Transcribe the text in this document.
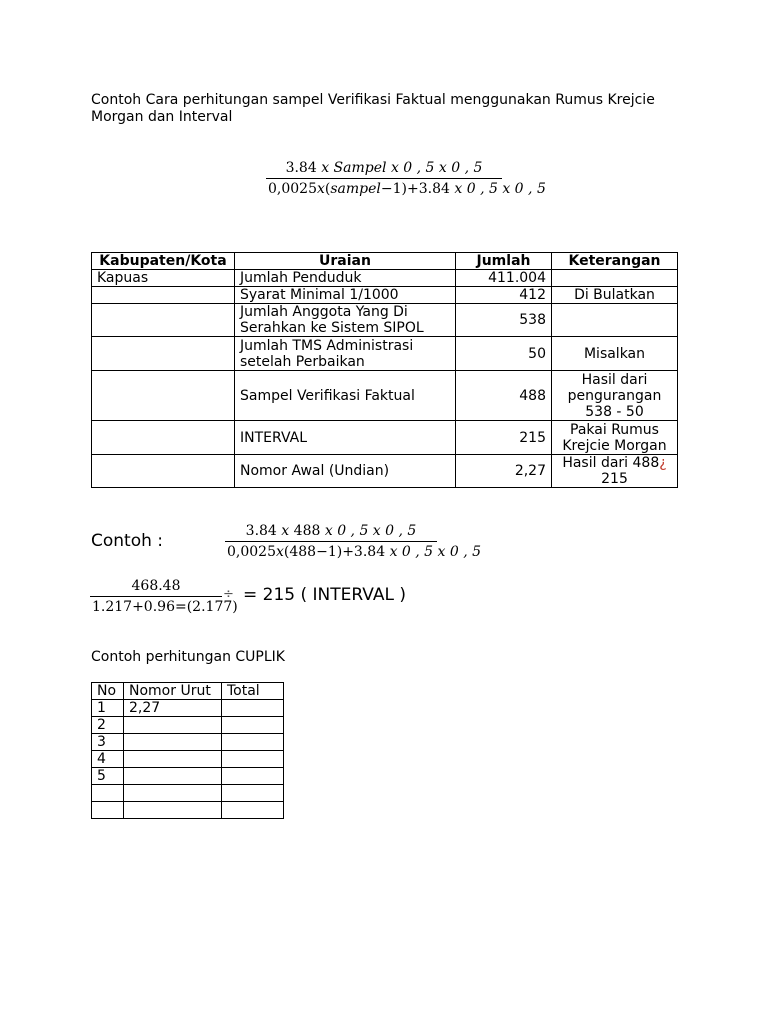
Contoh Cara perhitungan sampel Verifikasi Faktual menggunakan Rumus Krejcie Morgan dan Interval
3.84 x Sampel x 0 , 5 x 0 , 5
0,0025x(sampel−1)+3.84 x 0 , 5 x 0 , 5
Kabupaten/Kota	Uraian	Jumlah	Keterangan
Kapuas	Jumlah Penduduk	411.004	
	Syarat Minimal 1/1000	412	Di Bulatkan
	Jumlah Anggota Yang Di Serahkan ke Sistem SIPOL	538	
	Jumlah TMS Administrasi setelah Perbaikan	50	Misalkan
	Sampel Verifikasi Faktual	488	Hasil dari pengurangan 538 - 50
	INTERVAL	215	Pakai Rumus Krejcie Morgan
	Nomor Awal (Undian)	2,27	Hasil dari 488¿ 215
Contoh :	3.84 x 488 x 0 , 5 x 0 , 5
0,0025x(488−1)+3.84 x 0 , 5 x 0 , 5
468.48
1.217+0.96=(2.177)
÷ = 215 ( INTERVAL )
Contoh perhitungan CUPLIK
No	Nomor Urut	Total
1	2,27	
2		
3		
4		
5		
